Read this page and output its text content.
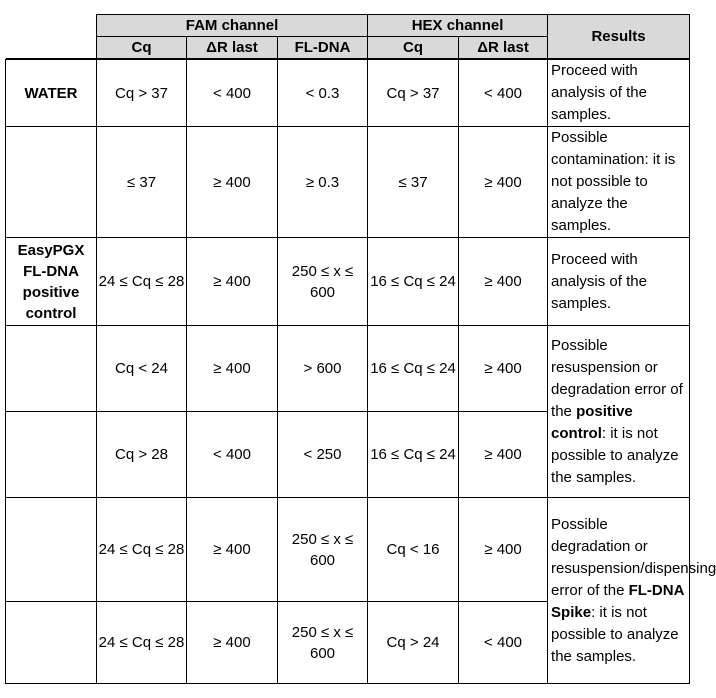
	FAM channel			HEX channel		Results
	Cq	ΔR last	FL-DNA	Cq	ΔR last	

WATER	Cq > 37	< 400	< 0.3	Cq > 37	< 400	Proceed with analysis of the samples.
	≤ 37	≥ 400	≥ 0.3	≤ 37	≥ 400	Possible contamination: it is not possible to analyze the samples.
EasyPGX FL-DNA positive control	24 ≤ Cq ≤ 28	≥ 400	250 ≤ x ≤ 600	16 ≤ Cq ≤ 24	≥ 400	Proceed with analysis of the samples.
	Cq < 24	≥ 400	> 600	16 ≤ Cq ≤ 24	≥ 400	Possible resuspension or degradation error of the positive control: it is not possible to analyze the samples.
	Cq > 28	< 400	< 250	16 ≤ Cq ≤ 24	≥ 400	
	24 ≤ Cq ≤ 28	≥ 400	250 ≤ x ≤ 600	Cq < 16	≥ 400	Possible degradation or resuspension/dispensing error of the FL-DNA Spike: it is not possible to analyze the samples.
	24 ≤ Cq ≤ 28	≥ 400	250 ≤ x ≤ 600	Cq > 24	< 400	
